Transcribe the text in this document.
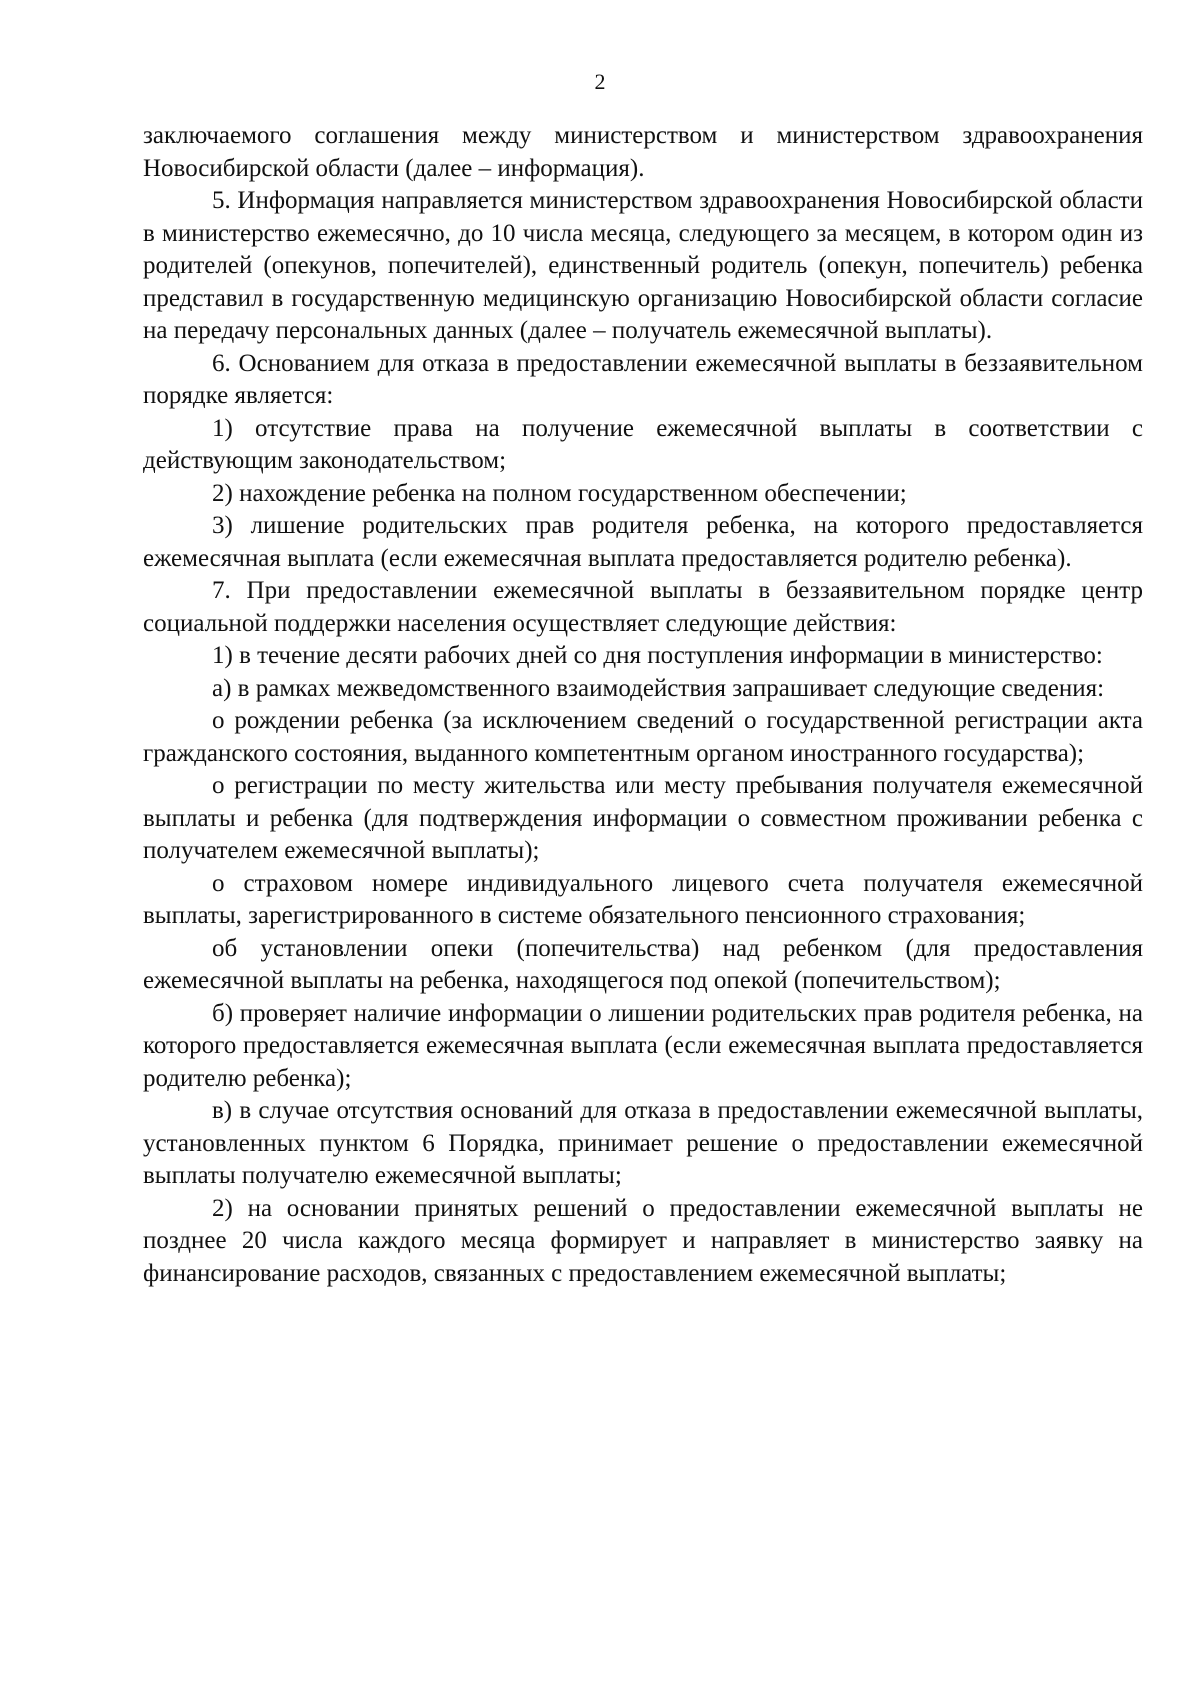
2

заключаемого соглашения между министерством и министерством здравоохранения Новосибирской области (далее – информация).

5. Информация направляется министерством здравоохранения Новосибирской области в министерство ежемесячно, до 10 числа месяца, следующего за месяцем, в котором один из родителей (опекунов, попечителей), единственный родитель (опекун, попечитель) ребенка представил в государственную медицинскую организацию Новосибирской области согласие на передачу персональных данных (далее – получатель ежемесячной выплаты).

6. Основанием для отказа в предоставлении ежемесячной выплаты в беззаявительном порядке является:

1) отсутствие права на получение ежемесячной выплаты в соответствии с действующим законодательством;

2) нахождение ребенка на полном государственном обеспечении;

3) лишение родительских прав родителя ребенка, на которого предоставляется ежемесячная выплата (если ежемесячная выплата предоставляется родителю ребенка).

7. При предоставлении ежемесячной выплаты в беззаявительном порядке центр социальной поддержки населения осуществляет следующие действия:

1) в течение десяти рабочих дней со дня поступления информации в министерство:

а) в рамках межведомственного взаимодействия запрашивает следующие сведения:

о рождении ребенка (за исключением сведений о государственной регистрации акта гражданского состояния, выданного компетентным органом иностранного государства);

о регистрации по месту жительства или месту пребывания получателя ежемесячной выплаты и ребенка (для подтверждения информации о совместном проживании ребенка с получателем ежемесячной выплаты);

о страховом номере индивидуального лицевого счета получателя ежемесячной выплаты, зарегистрированного в системе обязательного пенсионного страхования;

об установлении опеки (попечительства) над ребенком (для предоставления ежемесячной выплаты на ребенка, находящегося под опекой (попечительством);

б) проверяет наличие информации о лишении родительских прав родителя ребенка, на которого предоставляется ежемесячная выплата (если ежемесячная выплата предоставляется родителю ребенка);

в) в случае отсутствия оснований для отказа в предоставлении ежемесячной выплаты, установленных пунктом 6 Порядка, принимает решение о предоставлении ежемесячной выплаты получателю ежемесячной выплаты;

2) на основании принятых решений о предоставлении ежемесячной выплаты не позднее 20 числа каждого месяца формирует и направляет в министерство заявку на финансирование расходов, связанных с предоставлением ежемесячной выплаты;
